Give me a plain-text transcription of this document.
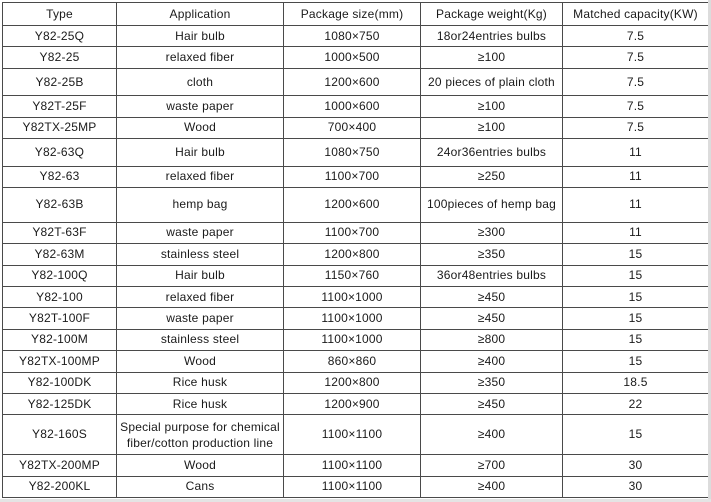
Type	Application	Package size(mm)	Package weight(Kg)	Matched capacity(KW)
Y82-25Q	Hair bulb	1080×750	18or24entries bulbs	7.5
Y82-25	relaxed fiber	1000×500	≥100	7.5
Y82-25B	cloth	1200×600	20 pieces of plain cloth	7.5
Y82T-25F	waste paper	1000×600	≥100	7.5
Y82TX-25MP	Wood	700×400	≥100	7.5
Y82-63Q	Hair bulb	1080×750	24or36entries bulbs	11
Y82-63	relaxed fiber	1100×700	≥250	11
Y82-63B	hemp bag	1200×600	100pieces of hemp bag	11
Y82T-63F	waste paper	1100×700	≥300	11
Y82-63M	stainless steel	1200×800	≥350	15
Y82-100Q	Hair bulb	1150×760	36or48entries bulbs	15
Y82-100	relaxed fiber	1100×1000	≥450	15
Y82T-100F	waste paper	1100×1000	≥450	15
Y82-100M	stainless steel	1100×1000	≥800	15
Y82TX-100MP	Wood	860×860	≥400	15
Y82-100DK	Rice husk	1200×800	≥350	18.5
Y82-125DK	Rice husk	1200×900	≥450	22
Y82-160S	Special purpose for chemical fiber/cotton production line	1100×1100	≥400	15
Y82TX-200MP	Wood	1100×1100	≥700	30
Y82-200KL	Cans	1100×1100	≥400	30
